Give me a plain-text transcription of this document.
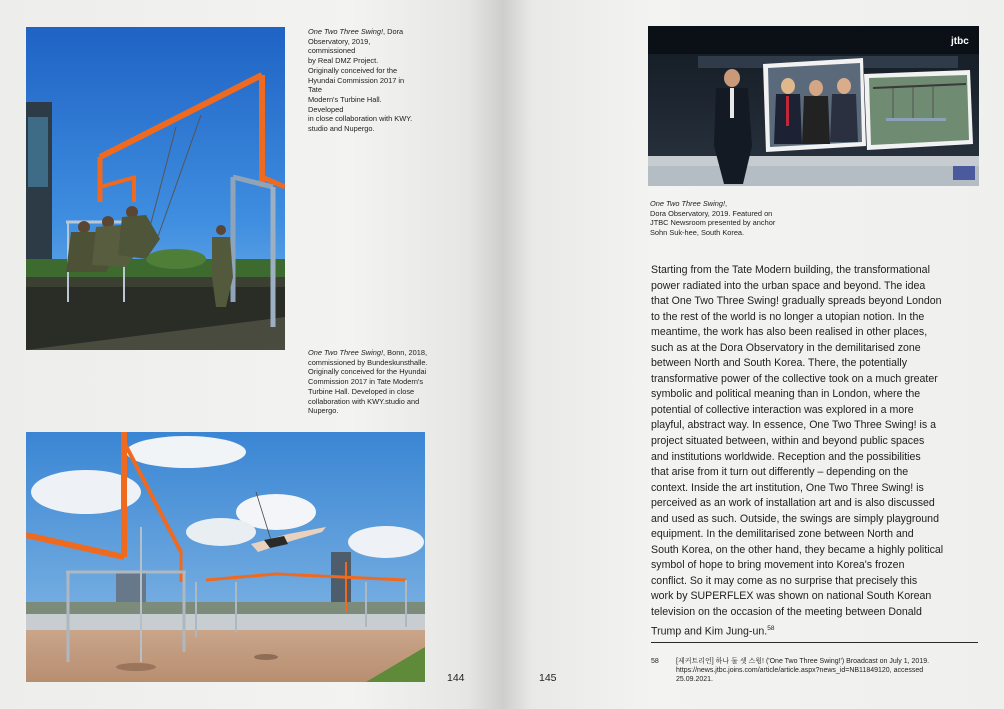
One Two Three Swing!, Dora
Observatory, 2019, commissioned
by Real DMZ Project.
Originally conceived for the
Hyundai Commission 2017 in Tate
Modern's Turbine Hall. Developed
in close collaboration with KWY.
studio and Nupergo.
One Two Three Swing!, Bonn, 2018,
commissioned by Bundeskunsthalle.
Originally conceived for the Hyundai
Commission 2017 in Tate Modern's
Turbine Hall. Developed in close
collaboration with KWY.studio and
Nupergo.
144
jtbc
One Two Three Swing!,
Dora Observatory, 2019. Featured on
JTBC Newsroom presented by anchor
Sohn Suk-hee, South Korea.
Starting from the Tate Modern building, the transformational
power radiated into the urban space and beyond. The idea
that One Two Three Swing! gradually spreads beyond London
to the rest of the world is no longer a utopian notion. In the
meantime, the work has also been realised in other places,
such as at the Dora Observatory in the demilitarised zone
between North and South Korea. There, the potentially
transformative power of the collective took on a much greater
symbolic and political meaning than in London, where the
potential of collective interaction was explored in a more
playful, abstract way. In essence, One Two Three Swing! is a
project situated between, within and beyond public spaces
and institutions worldwide. Reception and the possibilities
that arise from it turn out differently – depending on the
context. Inside the art institution, One Two Three Swing! is
perceived as an work of installation art and is also discussed
and used as such. Outside, the swings are simply playground
equipment. In the demilitarised zone between North and
South Korea, on the other hand, they became a highly political
symbol of hope to bring movement into Korea's frozen
conflict. So it may come as no surprise that precisely this
work by SUPERFLEX was shown on national South Korean
television on the occasion of the meeting between Donald
Trump and Kim Jung-un.$^{58}$
58 [제커트리언] 하나 둘 셋 스윙! ('One Two Three Swing!') Broadcast on July 1, 2019.
https://news.jtbc.joins.com/article/article.aspx?news_id=NB11849120, accessed
25.09.2021.
145
